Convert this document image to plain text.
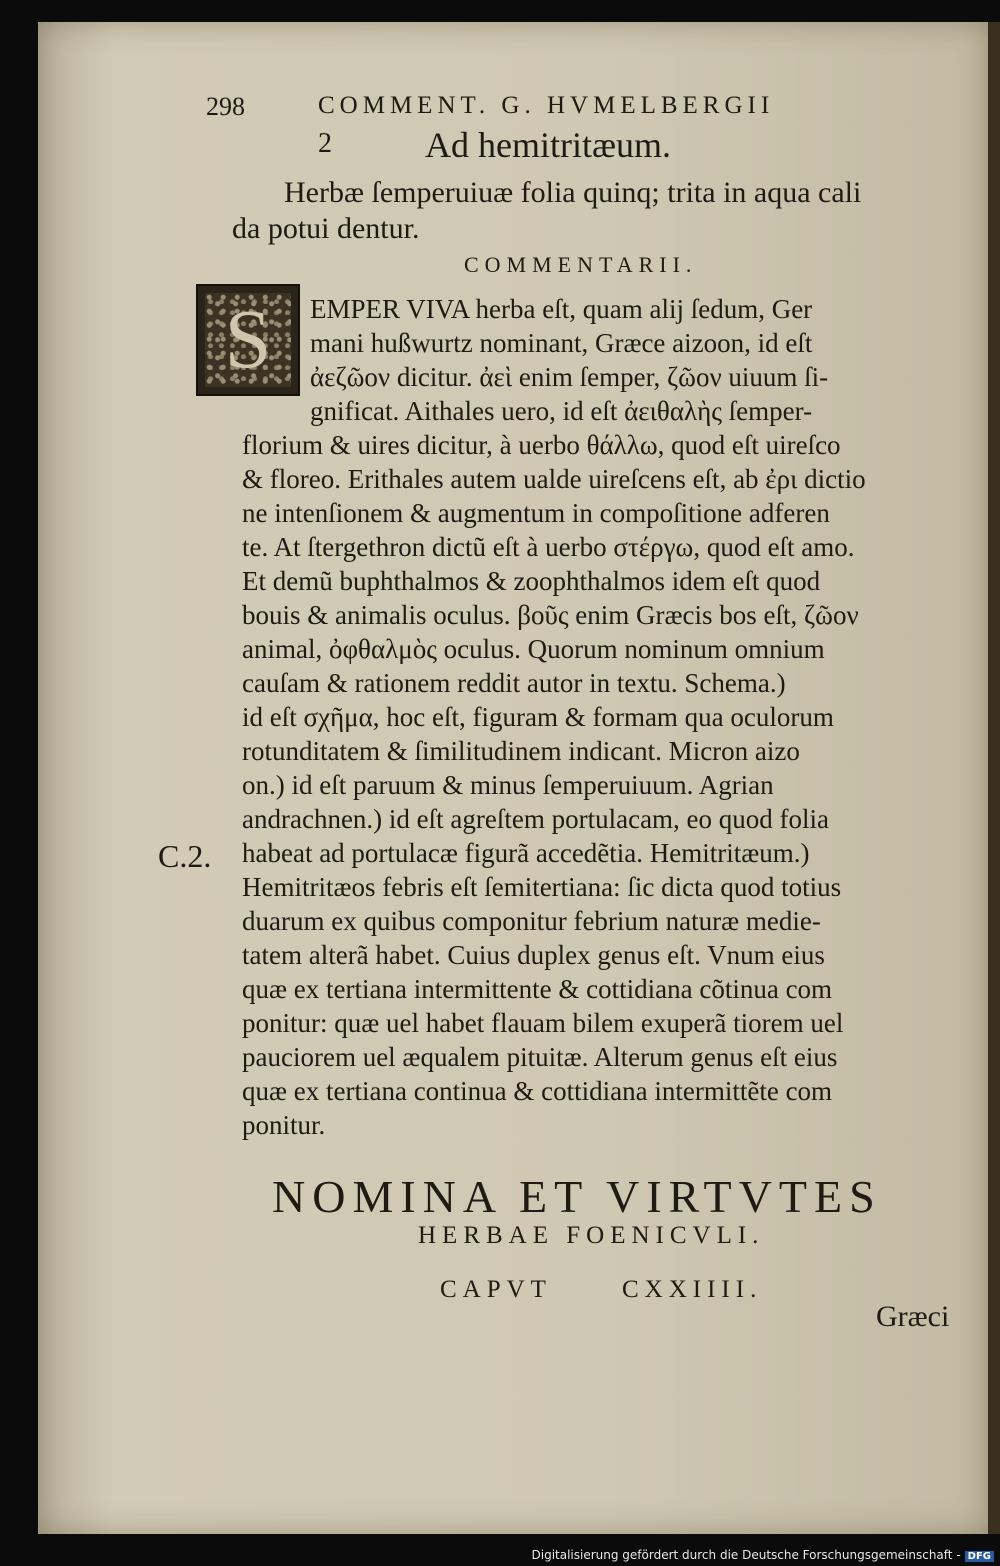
298	COMMENT. G. HVMELBERGII
2	Ad hemitritæum.
Herbæ ſemperuiuæ folia quinq; trita in aqua cali
da potui dentur.
COMMENTARII.
S EMPER VIVA herba eſt, quam alij ſedum, Ger
mani hußwurtz nominant, Græce aizoon, id eſt
ἀεζῶον dicitur. ἀεὶ enim ſemper, ζῶον uiuum ſi-
gnificat. Aithales uero, id eſt ἀειθαλὴς ſemper-
florium & uires dicitur, à uerbo θάλλω, quod eſt uireſco
& floreo. Erithales autem ualde uireſcens eſt, ab ἐρι dictio
ne intenſionem & augmentum in compoſitione adferen
te. At ſtergethron dictũ eſt à uerbo στέργω, quod eſt amo.
Et demũ buphthalmos & zoophthalmos idem eſt quod
bouis & animalis oculus. βοῦς enim Græcis bos eſt, ζῶον
animal, ὀφθαλμὸς oculus. Quorum nominum omnium
cauſam & rationem reddit autor in textu. Schema.)
id eſt σχῆμα, hoc eſt, figuram & formam qua oculorum
rotunditatem & ſimilitudinem indicant. Micron aizo
on.) id eſt paruum & minus ſemperuiuum. Agrian
andrachnen.) id eſt agreſtem portulacam, eo quod folia
habeat ad portulacæ figurã accedẽtia. Hemitritæum.)
Hemitritæos febris eſt ſemitertiana: ſic dicta quod totius
duarum ex quibus componitur febrium naturæ medie-
tatem alterã habet. Cuius duplex genus eſt. Vnum eius
quæ ex tertiana intermittente & cottidiana cõtinua com
ponitur: quæ uel habet flauam bilem exuperã tiorem uel
pauciorem uel æqualem pituitæ. Alterum genus eſt eius
quæ ex tertiana continua & cottidiana intermittẽte com
ponitur.
C.2.
NOMINA ET VIRTVTES
HERBAE FOENICVLI.
CAPVT	CXXIIII.
Græci
Digitalisierung gefördert durch die Deutsche Forschungsgemeinschaft - DFG
